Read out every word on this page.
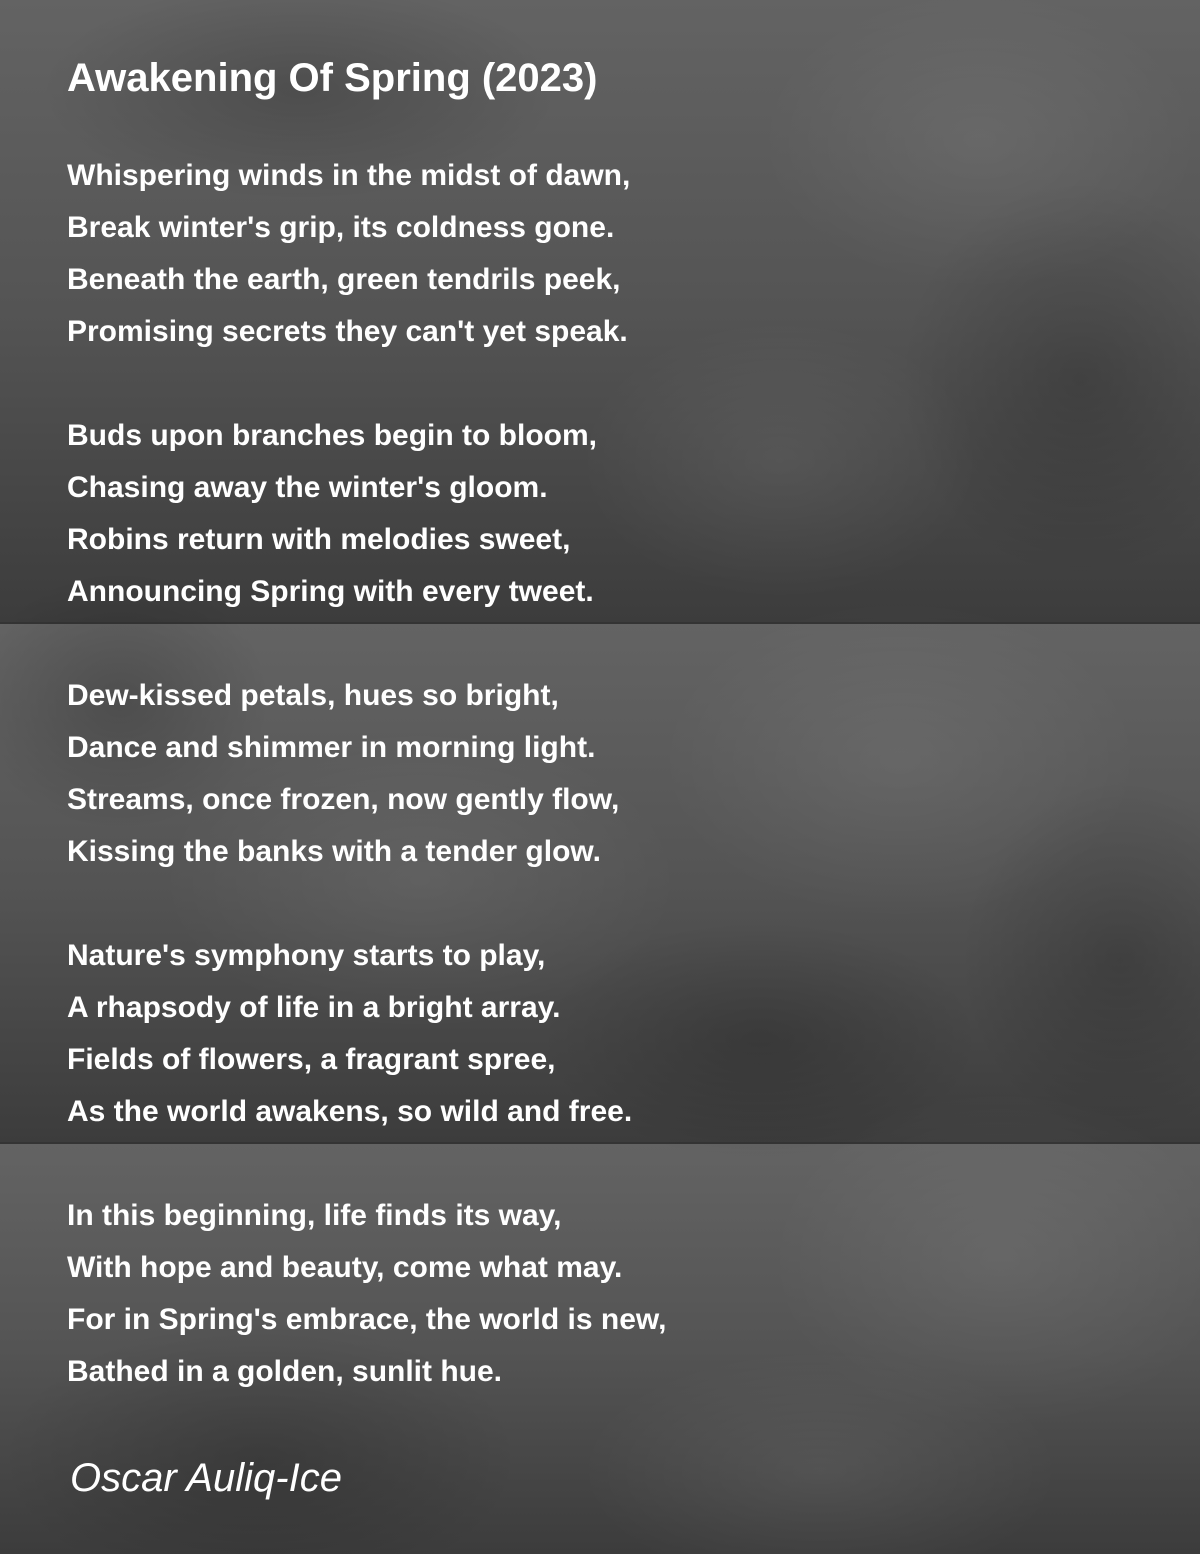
Awakening Of Spring (2023)
Whispering winds in the midst of dawn,
Break winter's grip, its coldness gone.
Beneath the earth, green tendrils peek,
Promising secrets they can't yet speak.
Buds upon branches begin to bloom,
Chasing away the winter's gloom.
Robins return with melodies sweet,
Announcing Spring with every tweet.
Dew-kissed petals, hues so bright,
Dance and shimmer in morning light.
Streams, once frozen, now gently flow,
Kissing the banks with a tender glow.
Nature's symphony starts to play,
A rhapsody of life in a bright array.
Fields of flowers, a fragrant spree,
As the world awakens, so wild and free.
In this beginning, life finds its way,
With hope and beauty, come what may.
For in Spring's embrace, the world is new,
Bathed in a golden, sunlit hue.
Oscar Auliq-Ice
